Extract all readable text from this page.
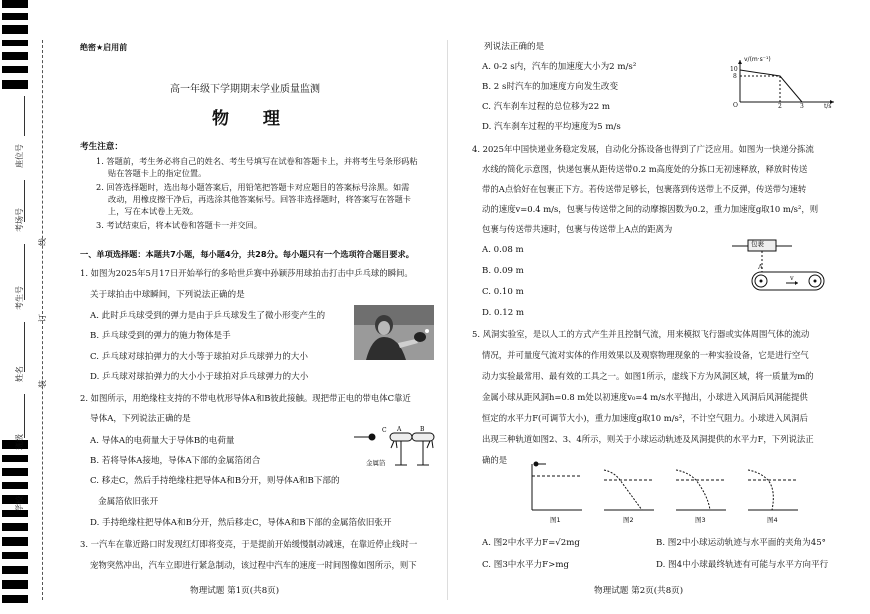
座位号
考场号
考生号
姓名
班级
学校
线
订
装
绝密★启用前
高一年级下学期期末学业质量监测
物 理
考生注意：
1. 答题前，考生务必将自己的姓名、考生号填写在试卷和答题卡上，并将考生号条形码粘
贴在答题卡上的指定位置。
2. 回答选择题时，选出每小题答案后，用铅笔把答题卡对应题目的答案标号涂黑。如需
改动，用橡皮擦干净后，再选涂其他答案标号。回答非选择题时，将答案写在答题卡
上，写在本试卷上无效。
3. 考试结束后，将本试卷和答题卡一并交回。
一、单项选择题：本题共7小题，每小题4分，共28分。每小题只有一个选项符合题目要求。
1. 如图为2025年5月17日开始举行的多哈世乒赛中孙颖莎用球拍击打击中乒乓球的瞬间。
关于球拍击中球瞬间，下列说法正确的是
A. 此时乒乓球受到的弹力是由于乒乓球发生了微小形变产生的
B. 乒乓球受到的弹力的施力物体是手
C. 乒乓球对球拍弹力的大小等于球拍对乒乓球弹力的大小
D. 乒乓球对球拍弹力的大小小于球拍对乒乓球弹力的大小
2. 如图所示，用绝缘柱支持的不带电枕形导体A和B彼此接触。现把带正电的带电体C靠近
导体A，下列说法正确的是
A. 导体A的电荷量大于导体B的电荷量
B. 若将导体A接地，导体A下部的金属箔闭合
C. 移走C，然后手持绝缘柱把导体A和B分开，则导体A和B下部的
金属箔依旧张开
D. 手持绝缘柱把导体A和B分开，然后移走C，导体A和B下部的金属箔依旧张开
C A	B
金属箔
3. 一汽车在靠近路口时发现红灯即将变亮，于是提前开始缓慢制动减速，在靠近停止线时一
宠物突然冲出，汽车立即进行紧急制动，该过程中汽车的速度一时间图像如图所示，则下
物理试题 第1页(共8页)
列说法正确的是
A. 0-2 s内，汽车的加速度大小为2 m/s²
B. 2 s时汽车的加速度方向发生改变
C. 汽车刹车过程的总位移为22 m
D. 汽车刹车过程的平均速度为5 m/s
v/(m·s⁻¹)
10
8
O	2	3	t/s
4. 2025年中国快递业务稳定发展，自动化分拣设备也得到了广泛应用。如图为一快递分拣流
水线的简化示意图，快递包裹从距传送带0.2 m高度处的分拣口无初速释放，释放时传送
带的A点恰好在包裹正下方。若传送带足够长，包裹落到传送带上不反弹，传送带匀速转
动的速度v=0.4 m/s，包裹与传送带之间的动摩擦因数为0.2，重力加速度g取10 m/s²，则
包裹与传送带共速时，包裹与传送带上A点的距离为
A. 0.08 m
B. 0.09 m
C. 0.10 m
D. 0.12 m
包裹
A
v
5. 风洞实验室，是以人工的方式产生并且控制气流，用来模拟飞行器或实体周围气体的流动
情况，并可量度气流对实体的作用效果以及观察物理现象的一种实验设备，它是进行空气
动力实验最常用、最有效的工具之一。如图1所示，虚线下方为风洞区域，将一质量为m的
金属小球从距风洞h=0.8 m处以初速度v₀=4 m/s水平抛出，小球进入风洞后风洞能提供
恒定的水平力F(可调节大小)，重力加速度g取10 m/s²，不计空气阻力。小球进入风洞后
出现三种轨道如图2、3、4所示，则关于小球运动轨迹及风洞提供的水平力F，下列说法正
确的是
图1	图2	图3	图4
A. 图2中水平力F=√2mg	B. 图2中小球运动轨迹与水平面的夹角为45°
C. 图3中水平力F>mg	D. 图4中小球最终轨迹有可能与水平方向平行
物理试题 第2页(共8页)
